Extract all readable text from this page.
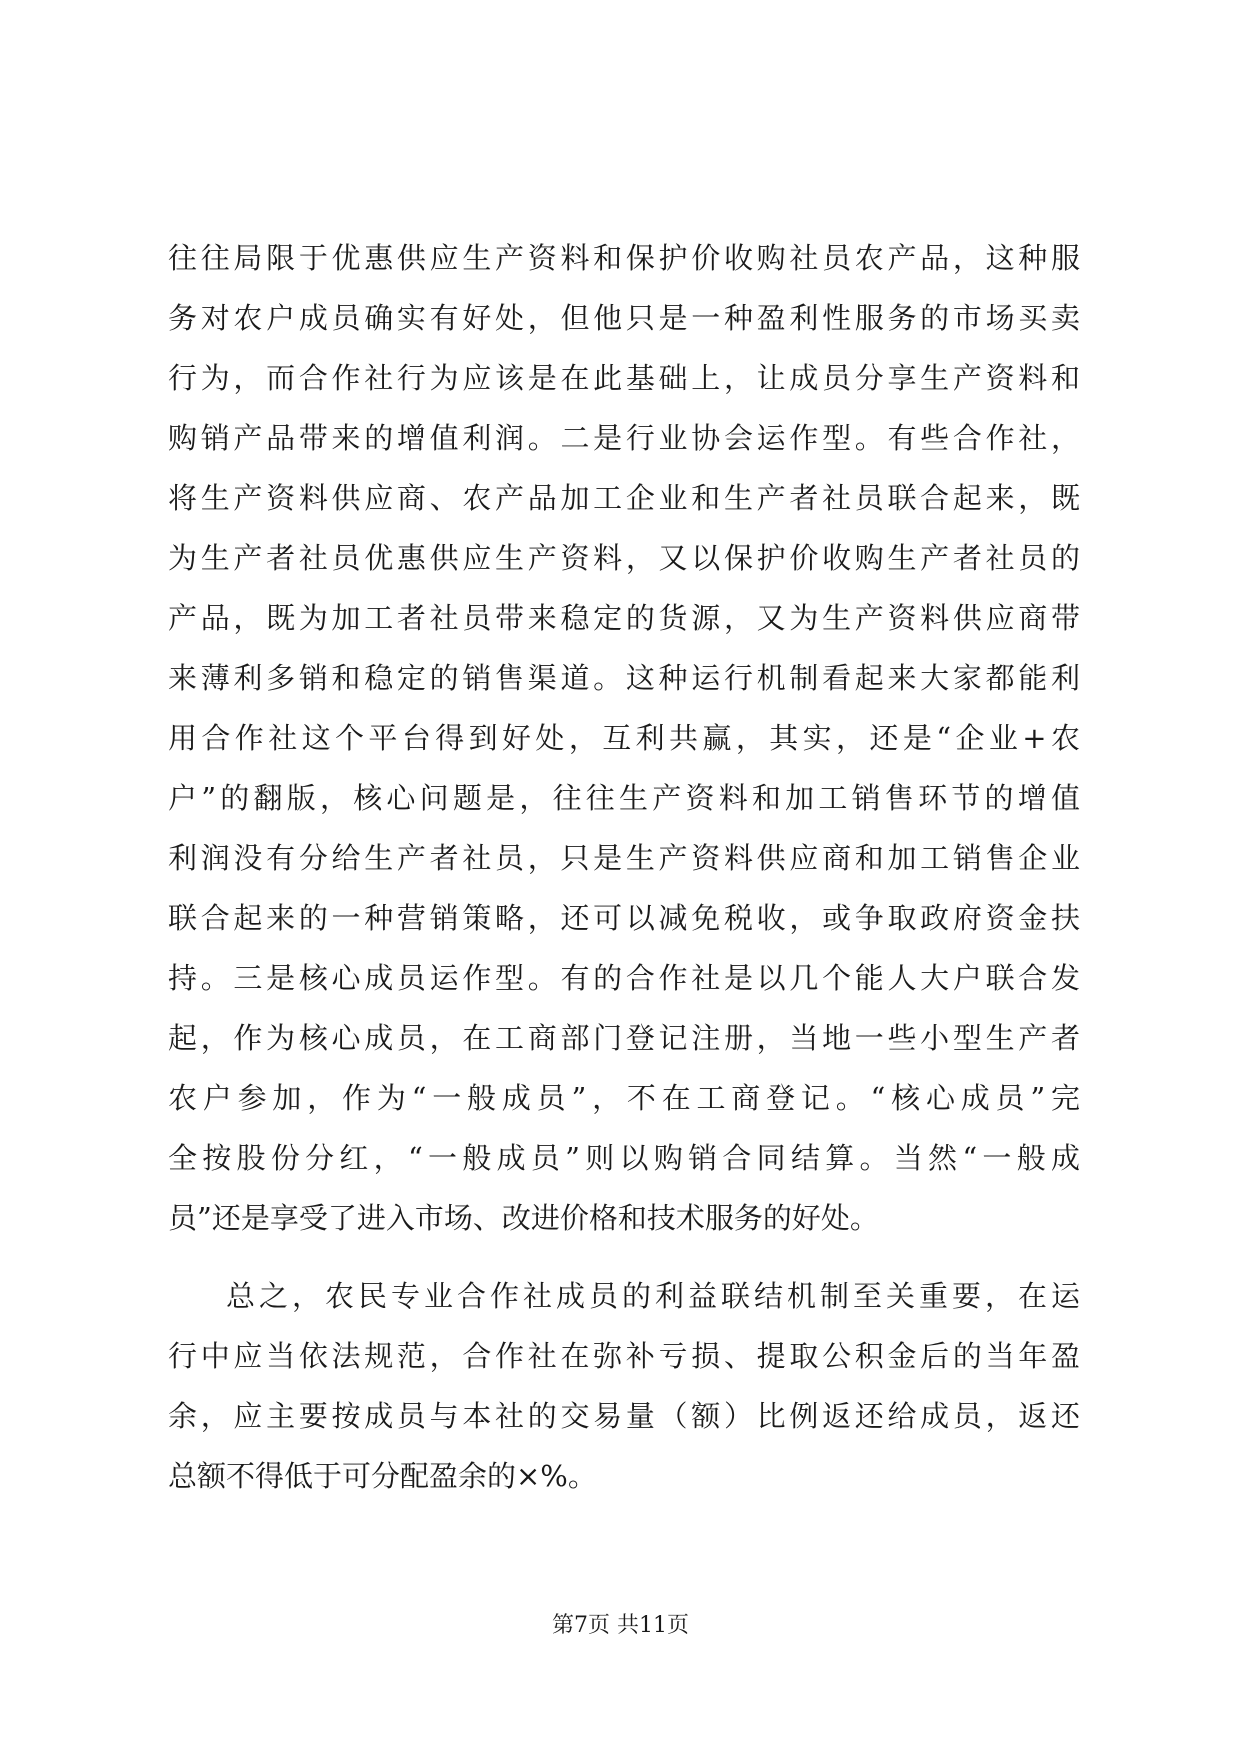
往往局限于优惠供应生产资料和保护价收购社员农产品，这种服
务对农户成员确实有好处，但他只是一种盈利性服务的市场买卖
行为，而合作社行为应该是在此基础上，让成员分享生产资料和
购销产品带来的增值利润。二是行业协会运作型。有些合作社，
将生产资料供应商、农产品加工企业和生产者社员联合起来，既
为生产者社员优惠供应生产资料，又以保护价收购生产者社员的
产品，既为加工者社员带来稳定的货源，又为生产资料供应商带
来薄利多销和稳定的销售渠道。这种运行机制看起来大家都能利
用合作社这个平台得到好处，互利共赢，其实，还是“企业+农
户”的翻版，核心问题是，往往生产资料和加工销售环节的增值
利润没有分给生产者社员，只是生产资料供应商和加工销售企业
联合起来的一种营销策略，还可以减免税收，或争取政府资金扶
持。三是核心成员运作型。有的合作社是以几个能人大户联合发
起，作为核心成员，在工商部门登记注册，当地一些小型生产者
农户参加，作为“一般成员”，不在工商登记。“核心成员”完
全按股份分红，“一般成员”则以购销合同结算。当然“一般成
员”还是享受了进入市场、改进价格和技术服务的好处。
总之，农民专业合作社成员的利益联结机制至关重要，在运
行中应当依法规范，合作社在弥补亏损、提取公积金后的当年盈
余，应主要按成员与本社的交易量（额）比例返还给成员，返还
总额不得低于可分配盈余的×%。
第7页 共11页
